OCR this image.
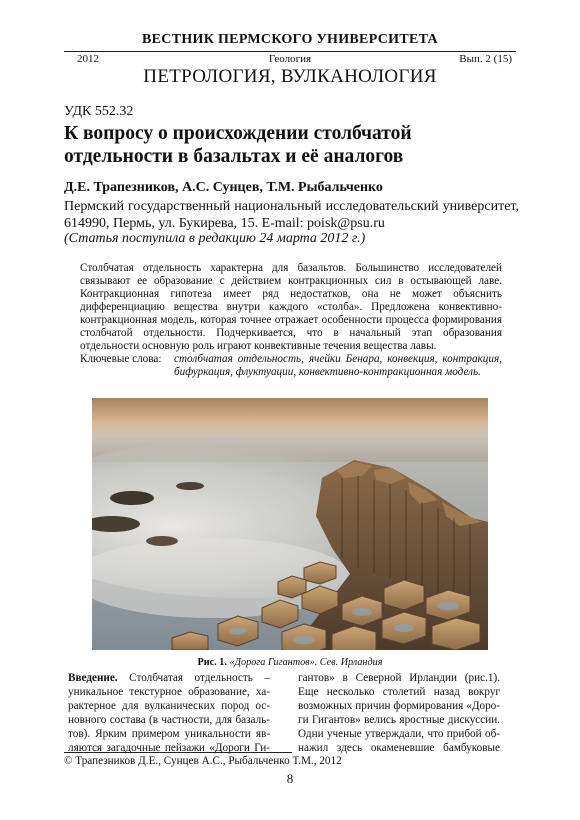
ВЕСТНИК ПЕРМСКОГО УНИВЕРСИТЕТА
2012	Геология	Вып. 2 (15)
ПЕТРОЛОГИЯ, ВУЛКАНОЛОГИЯ
УДК 552.32
К вопросу о происхождении столбчатой отдельности в базальтах и её аналогов
Д.Е. Трапезников, А.С. Сунцев, Т.М. Рыбальченко
Пермский государственный национальный исследовательский университет, 614990, Пермь, ул. Букирева, 15. E-mail: poisk@psu.ru
(Статья поступила в редакцию 24 марта 2012 г.)
Столбчатая отдельность характерна для базальтов. Большинство исследователей связывают ее образование с действием контракционных сил в остывающей лаве. Контракционная гипотеза имеет ряд недостатков, она не может объяснить дифференциацию вещества внутри каждого «столба». Предложена конвективно-контракционная модель, которая точнее отражает особенности процесса формирования столбчатой отдельности. Подчеркивается, что в начальный этап образования отдельности основную роль играют конвективные течения вещества лавы.
Ключевые слова: столбчатая отдельность, ячейки Бенара, конвекция, контракция, бифуркация, флуктуации, конвективно-контракционная модель.
Рис. 1. «Дорога Гигантов». Сев. Ирландия
Введение. Столбчатая отдельность –
уникальное текстурное образование, ха-
рактерное для вулканических пород ос-
новного состава (в частности, для базаль-
тов). Ярким примером уникальности яв-
ляются загадочные пейзажи «Дороги Ги-
гантов» в Северной Ирландии (рис.1).
Еще несколько столетий назад вокруг
возможных причин формирования «Доро-
ги Гигантов» велись яростные дискуссии.
Одни ученые утверждали, что прибой об-
нажил здесь окаменевшие бамбуковые
© Трапезников Д.Е., Сунцев А.С., Рыбальченко Т.М., 2012
8
